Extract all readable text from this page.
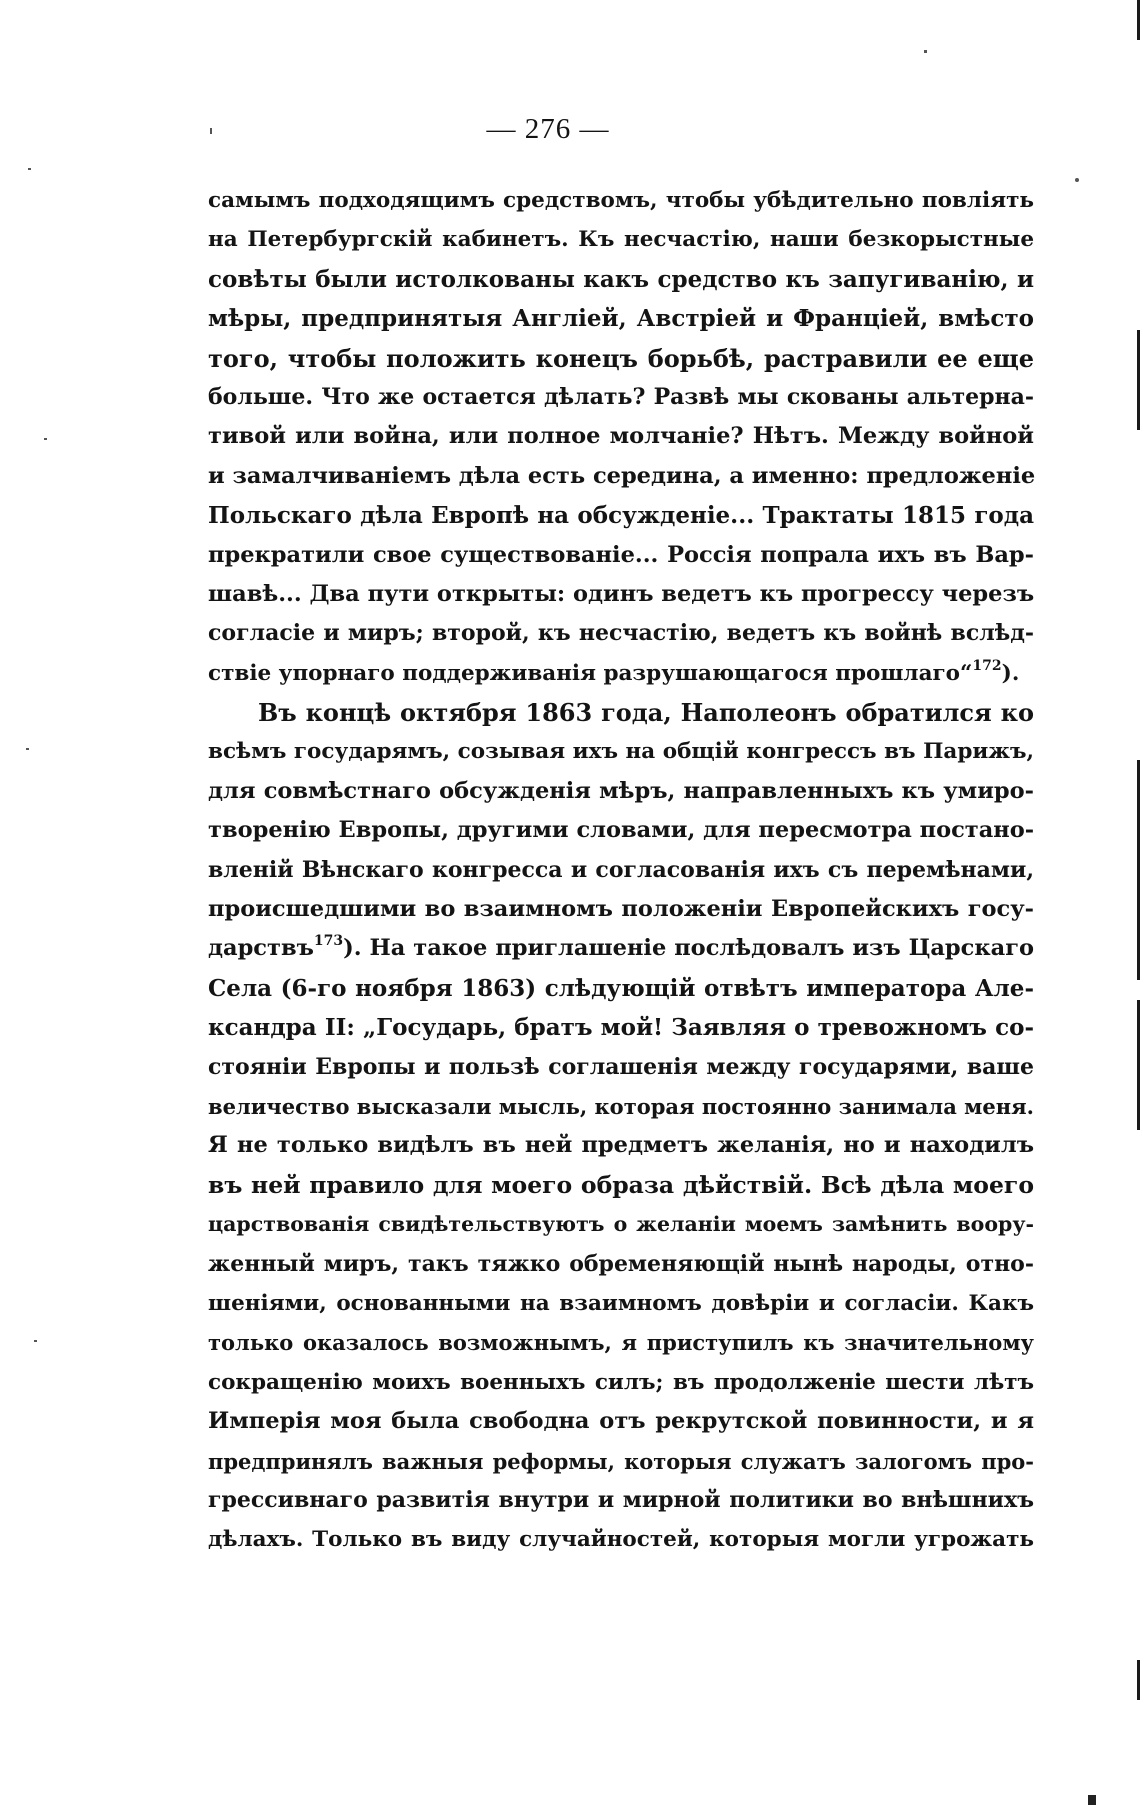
— 276 —
самымъ подходящимъ средствомъ, чтобы убѣдительно повлiять
на Петербургскiй кабинетъ. Къ несчастiю, наши безкорыстные
совѣты были истолкованы какъ средство къ запугиванiю, и
мѣры, предпринятыя Англiей, Австрiей и Францiей, вмѣсто
того, чтобы положить конецъ борьбѣ, растравили ее еще
больше. Что же остается дѣлать? Развѣ мы скованы альтерна-
тивой или война, или полное молчанiе? Нѣтъ. Между войной
и замалчиванiемъ дѣла есть середина, а именно: предложенiе
Польскаго дѣла Европѣ на обсужденiе... Трактаты 1815 года
прекратили свое существованiе... Россiя попрала ихъ въ Вар-
шавѣ... Два пути открыты: одинъ ведетъ къ прогрессу черезъ
согласiе и миръ; второй, къ несчастiю, ведетъ къ войнѣ вслѣд-
ствiе упорнаго поддерживанiя разрушающагося прошлаго“$^{172}$).
Въ концѣ октября 1863 года, Наполеонъ обратился ко
всѣмъ государямъ, созывая ихъ на общiй конгрессъ въ Парижъ,
для совмѣстнаго обсужденiя мѣръ, направленныхъ къ умиро-
творенiю Европы, другими словами, для пересмотра постано-
вленiй Вѣнскаго конгресса и согласованiя ихъ съ перемѣнами,
происшедшими во взаимномъ положенiи Европейскихъ госу-
дарствъ$^{173}$). На такое приглашенiе послѣдовалъ изъ Царскаго
Села (6-го ноября 1863) слѣдующiй отвѣтъ императора Але-
ксандра II: „Государь, братъ мой! Заявляя о тревожномъ со-
стоянiи Европы и пользѣ соглашенiя между государями, ваше
величество высказали мысль, которая постоянно занимала меня.
Я не только видѣлъ въ ней предметъ желанiя, но и находилъ
въ ней правило для моего образа дѣйствiй. Всѣ дѣла моего
царствованiя свидѣтельствуютъ о желанiи моемъ замѣнить воору-
женный миръ, такъ тяжко обременяющiй нынѣ народы, отно-
шенiями, основанными на взаимномъ довѣрiи и согласiи. Какъ
только оказалось возможнымъ, я приступилъ къ значительному
сокращенiю моихъ военныхъ силъ; въ продолженiе шести лѣтъ
Имперiя моя была свободна отъ рекрутской повинности, и я
предпринялъ важныя реформы, которыя служатъ залогомъ про-
грессивнаго развитiя внутри и мирной политики во внѣшнихъ
дѣлахъ. Только въ виду случайностей, которыя могли угрожать
